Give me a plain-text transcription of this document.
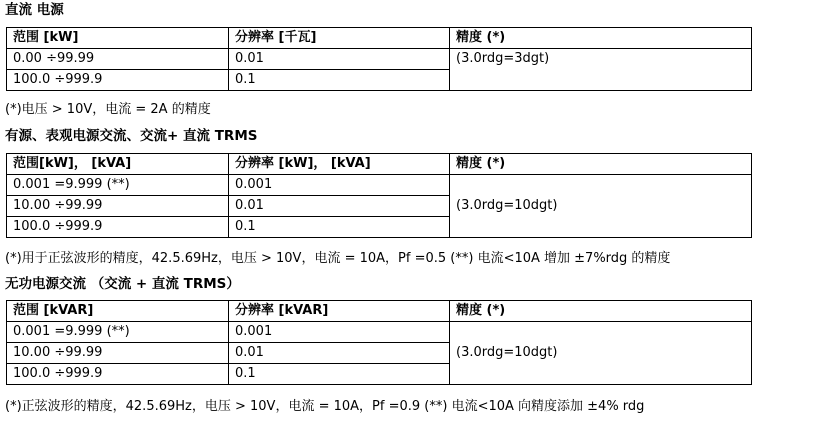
直流 电源
范围 [kW]	分辨率 [千瓦]	精度 (*)
0.00 ÷99.99	0.01	(3.0rdg=3dgt)
100.0 ÷999.9	0.1	
(*)电压 > 10V，电流 = 2A 的精度
有源、表观电源交流、交流+ 直流 TRMS
范围[kW]， [kVA]	分辨率 [kW]， [kVA]	精度 (*)
0.001 =9.999 (**)	0.001	(3.0rdg=10dgt)
10.00 ÷99.99	0.01	
100.0 ÷999.9	0.1	
(*)用于正弦波形的精度，42.5.69Hz，电压 > 10V，电流 = 10A，Pf =0.5 (**) 电流<10A 增加 ±7%rdg 的精度
无功电源交流 （交流 + 直流 TRMS）
范围 [kVAR]	分辨率 [kVAR]	精度 (*)
0.001 =9.999 (**)	0.001	(3.0rdg=10dgt)
10.00 ÷99.99	0.01	
100.0 ÷999.9	0.1	
(*)正弦波形的精度，42.5.69Hz，电压 > 10V，电流 = 10A，Pf =0.9 (**) 电流<10A 向精度添加 ±4% rdg
